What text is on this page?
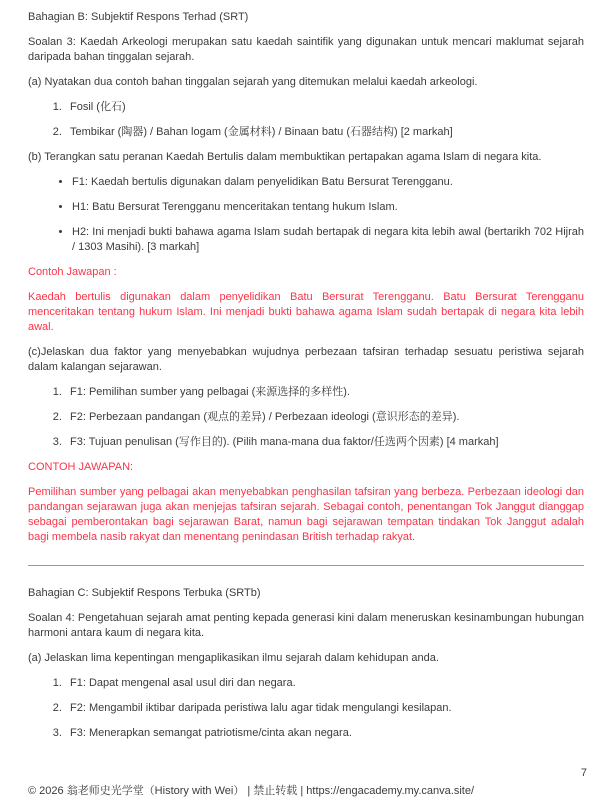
Bahagian B: Subjektif Respons Terhad (SRT)

Soalan 3: Kaedah Arkeologi merupakan satu kaedah saintifik yang digunakan untuk mencari maklumat sejarah daripada bahan tinggalan sejarah.

(a) Nyatakan dua contoh bahan tinggalan sejarah yang ditemukan melalui kaedah arkeologi.

1. Fosil (化石)
2. Tembikar (陶器) / Bahan logam (金属材料) / Binaan batu (石器结构) [2 markah]

(b) Terangkan satu peranan Kaedah Bertulis dalam membuktikan pertapakan agama Islam di negara kita.

• F1: Kaedah bertulis digunakan dalam penyelidikan Batu Bersurat Terengganu.
• H1: Batu Bersurat Terengganu menceritakan tentang hukum Islam.
• H2: Ini menjadi bukti bahawa agama Islam sudah bertapak di negara kita lebih awal (bertarikh 702 Hijrah / 1303 Masihi). [3 markah]

Contoh Jawapan :

Kaedah bertulis digunakan dalam penyelidikan Batu Bersurat Terengganu. Batu Bersurat Terengganu menceritakan tentang hukum Islam. Ini menjadi bukti bahawa agama Islam sudah bertapak di negara kita lebih awal.

(c)Jelaskan dua faktor yang menyebabkan wujudnya perbezaan tafsiran terhadap sesuatu peristiwa sejarah dalam kalangan sejarawan.

1. F1: Pemilihan sumber yang pelbagai (来源选择的多样性).
2. F2: Perbezaan pandangan (观点的差异) / Perbezaan ideologi (意识形态的差异).
3. F3: Tujuan penulisan (写作目的). (Pilih mana-mana dua faktor/任选两个因素) [4 markah]

CONTOH JAWAPAN:

Pemilihan sumber yang pelbagai akan menyebabkan penghasilan tafsiran yang berbeza. Perbezaan ideologi dan pandangan sejarawan juga akan menjejas tafsiran sejarah. Sebagai contoh, penentangan Tok Janggut dianggap sebagai pemberontakan bagi sejarawan Barat, namun bagi sejarawan tempatan tindakan Tok Janggut adalah bagi membela nasib rakyat dan menentang penindasan British terhadap rakyat.

Bahagian C: Subjektif Respons Terbuka (SRTb)

Soalan 4: Pengetahuan sejarah amat penting kepada generasi kini dalam meneruskan kesinambungan hubungan harmoni antara kaum di negara kita.

(a) Jelaskan lima kepentingan mengaplikasikan ilmu sejarah dalam kehidupan anda.

1. F1: Dapat mengenal asal usul diri dan negara.
2. F2: Mengambil iktibar daripada peristiwa lalu agar tidak mengulangi kesilapan.
3. F3: Menerapkan semangat patriotisme/cinta akan negara.
7
© 2026 翁老师史光学堂（History with Wei） | 禁止转载 | https://engacademy.my.canva.site/
